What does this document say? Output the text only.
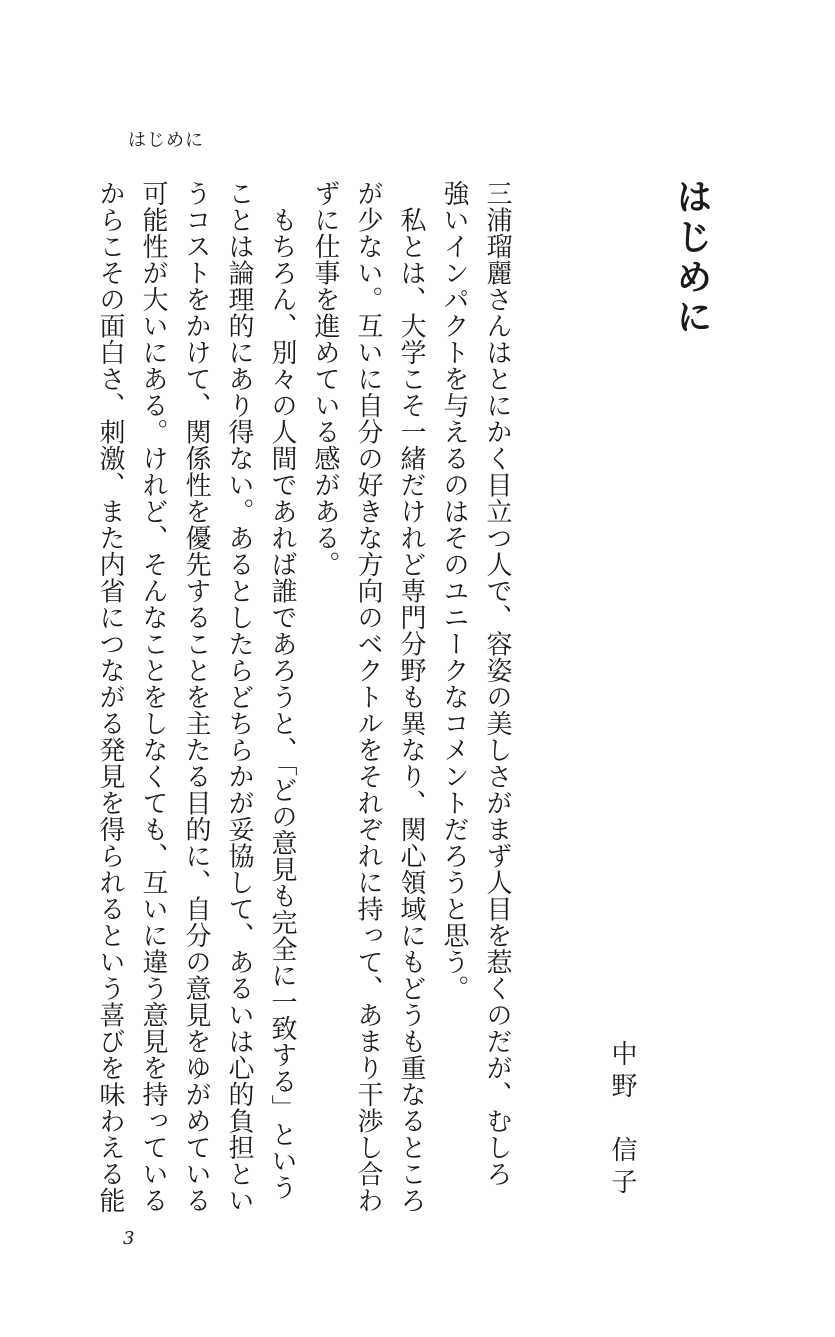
はじめに
はじめに
中野　信子
三浦瑠麗さんはとにかく目立つ人で、容姿の美しさがまず人目を惹くのだが、むしろ
強いインパクトを与えるのはそのユニークなコメントだろうと思う。
　私とは、大学こそ一緒だけれど専門分野も異なり、関心領域にもどうも重なるところ
が少ない。互いに自分の好きな方向のベクトルをそれぞれに持って、あまり干渉し合わ
ずに仕事を進めている感がある。
　もちろん、別々の人間であれば誰であろうと、「どの意見も完全に一致する」という
ことは論理的にあり得ない。あるとしたらどちらかが妥協して、あるいは心的負担とい
うコストをかけて、関係性を優先することを主たる目的に、自分の意見をゆがめている
可能性が大いにある。けれど、そんなことをしなくても、互いに違う意見を持っている
からこその面白さ、刺激、また内省につながる発見を得られるという喜びを味わえる能
3
